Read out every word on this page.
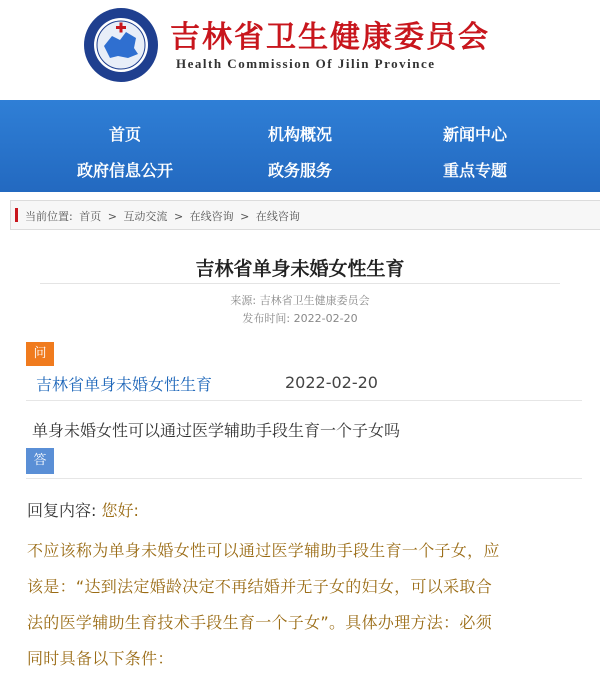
吉林省卫生健康委员会
Health Commission Of Jilin Province
首页	机构概况	新闻中心
政府信息公开	政务服务	重点专题
当前位置: 首页 > 互动交流 > 在线咨询 > 在线咨询
吉林省单身未婚女性生育
来源: 吉林省卫生健康委员会
发布时间: 2022-02-20
问
吉林省单身未婚女性生育	2022-02-20
单身未婚女性可以通过医学辅助手段生育一个子女吗
答
回复内容: 您好:
不应该称为单身未婚女性可以通过医学辅助手段生育一个子女，应
该是：“达到法定婚龄决定不再结婚并无子女的妇女，可以采取合
法的医学辅助生育技术手段生育一个子女”。具体办理方法：必须
同时具备以下条件：
